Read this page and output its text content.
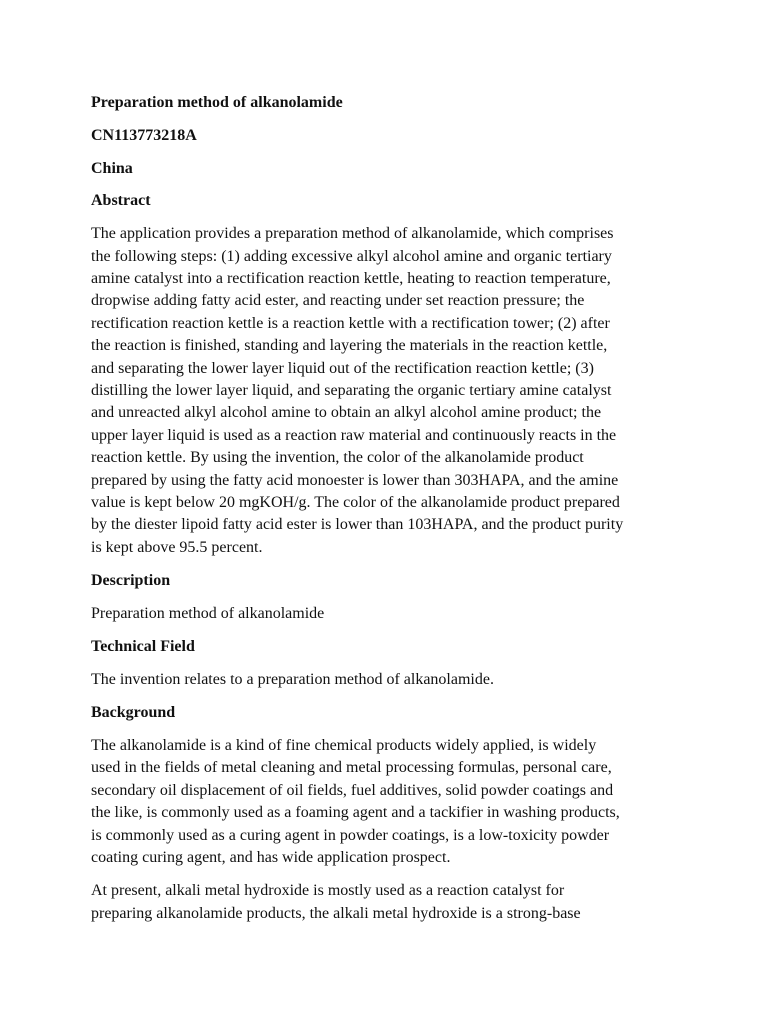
Preparation method of alkanolamide
CN113773218A
China
Abstract
The application provides a preparation method of alkanolamide, which comprises
the following steps: (1) adding excessive alkyl alcohol amine and organic tertiary
amine catalyst into a rectification reaction kettle, heating to reaction temperature,
dropwise adding fatty acid ester, and reacting under set reaction pressure; the
rectification reaction kettle is a reaction kettle with a rectification tower; (2) after
the reaction is finished, standing and layering the materials in the reaction kettle,
and separating the lower layer liquid out of the rectification reaction kettle; (3)
distilling the lower layer liquid, and separating the organic tertiary amine catalyst
and unreacted alkyl alcohol amine to obtain an alkyl alcohol amine product; the
upper layer liquid is used as a reaction raw material and continuously reacts in the
reaction kettle. By using the invention, the color of the alkanolamide product
prepared by using the fatty acid monoester is lower than 303HAPA, and the amine
value is kept below 20 mgKOH/g. The color of the alkanolamide product prepared
by the diester lipoid fatty acid ester is lower than 103HAPA, and the product purity
is kept above 95.5 percent.
Description
Preparation method of alkanolamide
Technical Field
The invention relates to a preparation method of alkanolamide.
Background
The alkanolamide is a kind of fine chemical products widely applied, is widely
used in the fields of metal cleaning and metal processing formulas, personal care,
secondary oil displacement of oil fields, fuel additives, solid powder coatings and
the like, is commonly used as a foaming agent and a tackifier in washing products,
is commonly used as a curing agent in powder coatings, is a low-toxicity powder
coating curing agent, and has wide application prospect.
At present, alkali metal hydroxide is mostly used as a reaction catalyst for
preparing alkanolamide products, the alkali metal hydroxide is a strong-base
